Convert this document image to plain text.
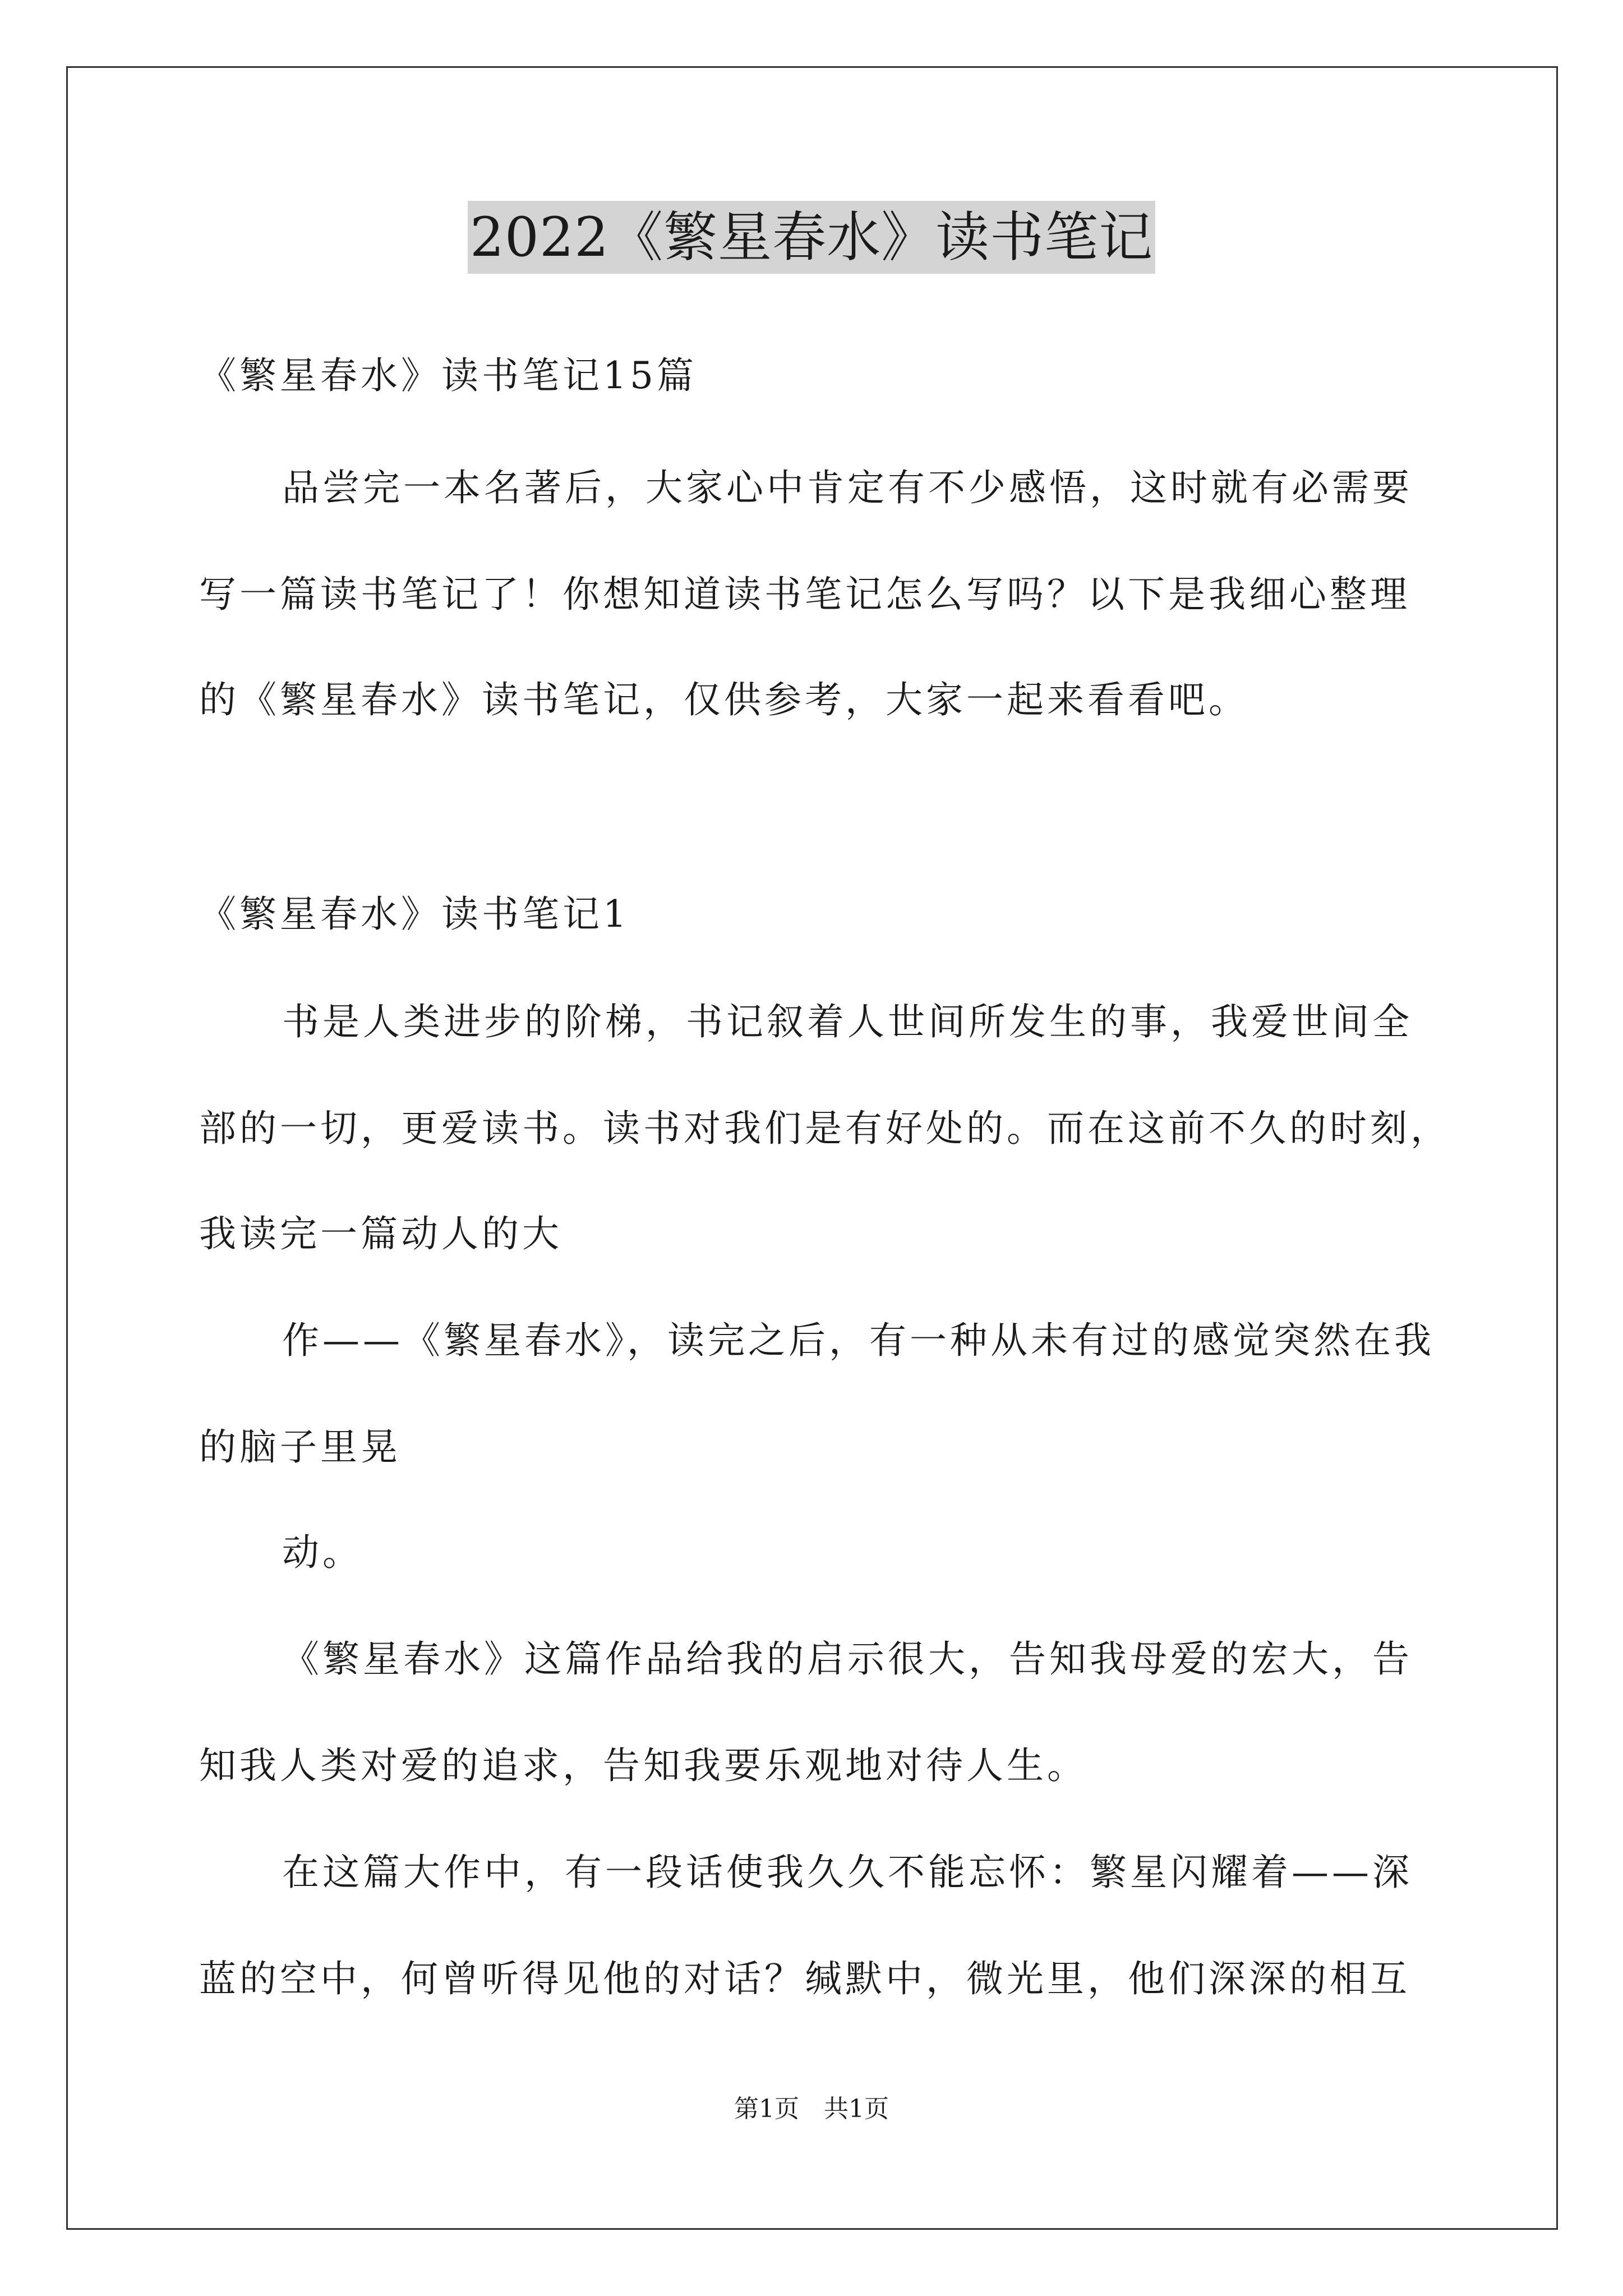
2022《繁星春水》读书笔记
《繁星春水》读书笔记15篇
品尝完一本名著后，大家心中肯定有不少感悟，这时就有必需要
写一篇读书笔记了！你想知道读书笔记怎么写吗？以下是我细心整理
的《繁星春水》读书笔记，仅供参考，大家一起来看看吧。
《繁星春水》读书笔记1
书是人类进步的阶梯，书记叙着人世间所发生的事，我爱世间全
部的一切，更爱读书。读书对我们是有好处的。而在这前不久的时刻，
我读完一篇动人的大
作——《繁星春水》，读完之后，有一种从未有过的感觉突然在我
的脑子里晃
动。
《繁星春水》这篇作品给我的启示很大，告知我母爱的宏大，告
知我人类对爱的追求，告知我要乐观地对待人生。
在这篇大作中，有一段话使我久久不能忘怀：繁星闪耀着——深
蓝的空中，何曾听得见他的对话？缄默中，微光里，他们深深的相互
第1页　共1页
